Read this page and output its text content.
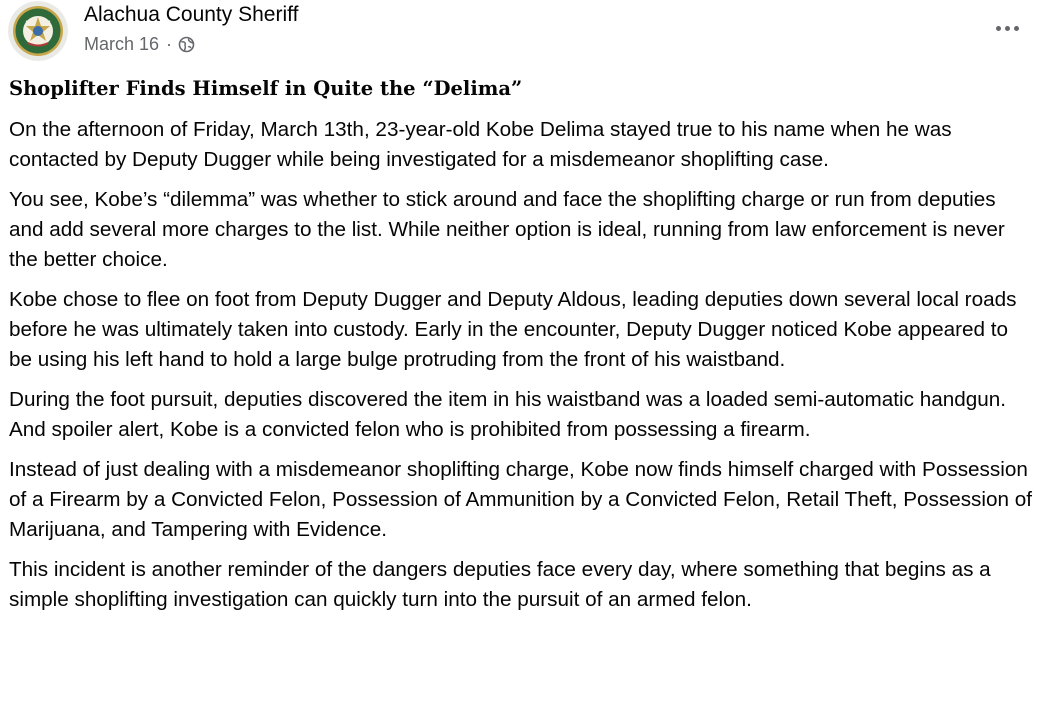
Alachua County Sheriff
March 16 ·
Shoplifter Finds Himself in Quite the “Delima”

On the afternoon of Friday, March 13th, 23-year-old Kobe Delima stayed true to his name when he was contacted by Deputy Dugger while being investigated for a misdemeanor shoplifting case.

You see, Kobe’s “dilemma” was whether to stick around and face the shoplifting charge or run from deputies and add several more charges to the list. While neither option is ideal, running from law enforcement is never the better choice.

Kobe chose to flee on foot from Deputy Dugger and Deputy Aldous, leading deputies down several local roads before he was ultimately taken into custody. Early in the encounter, Deputy Dugger noticed Kobe appeared to be using his left hand to hold a large bulge protruding from the front of his waistband.

During the foot pursuit, deputies discovered the item in his waistband was a loaded semi-automatic handgun. And spoiler alert, Kobe is a convicted felon who is prohibited from possessing a firearm.

Instead of just dealing with a misdemeanor shoplifting charge, Kobe now finds himself charged with Possession of a Firearm by a Convicted Felon, Possession of Ammunition by a Convicted Felon, Retail Theft, Possession of Marijuana, and Tampering with Evidence.

This incident is another reminder of the dangers deputies face every day, where something that begins as a simple shoplifting investigation can quickly turn into the pursuit of an armed felon.
